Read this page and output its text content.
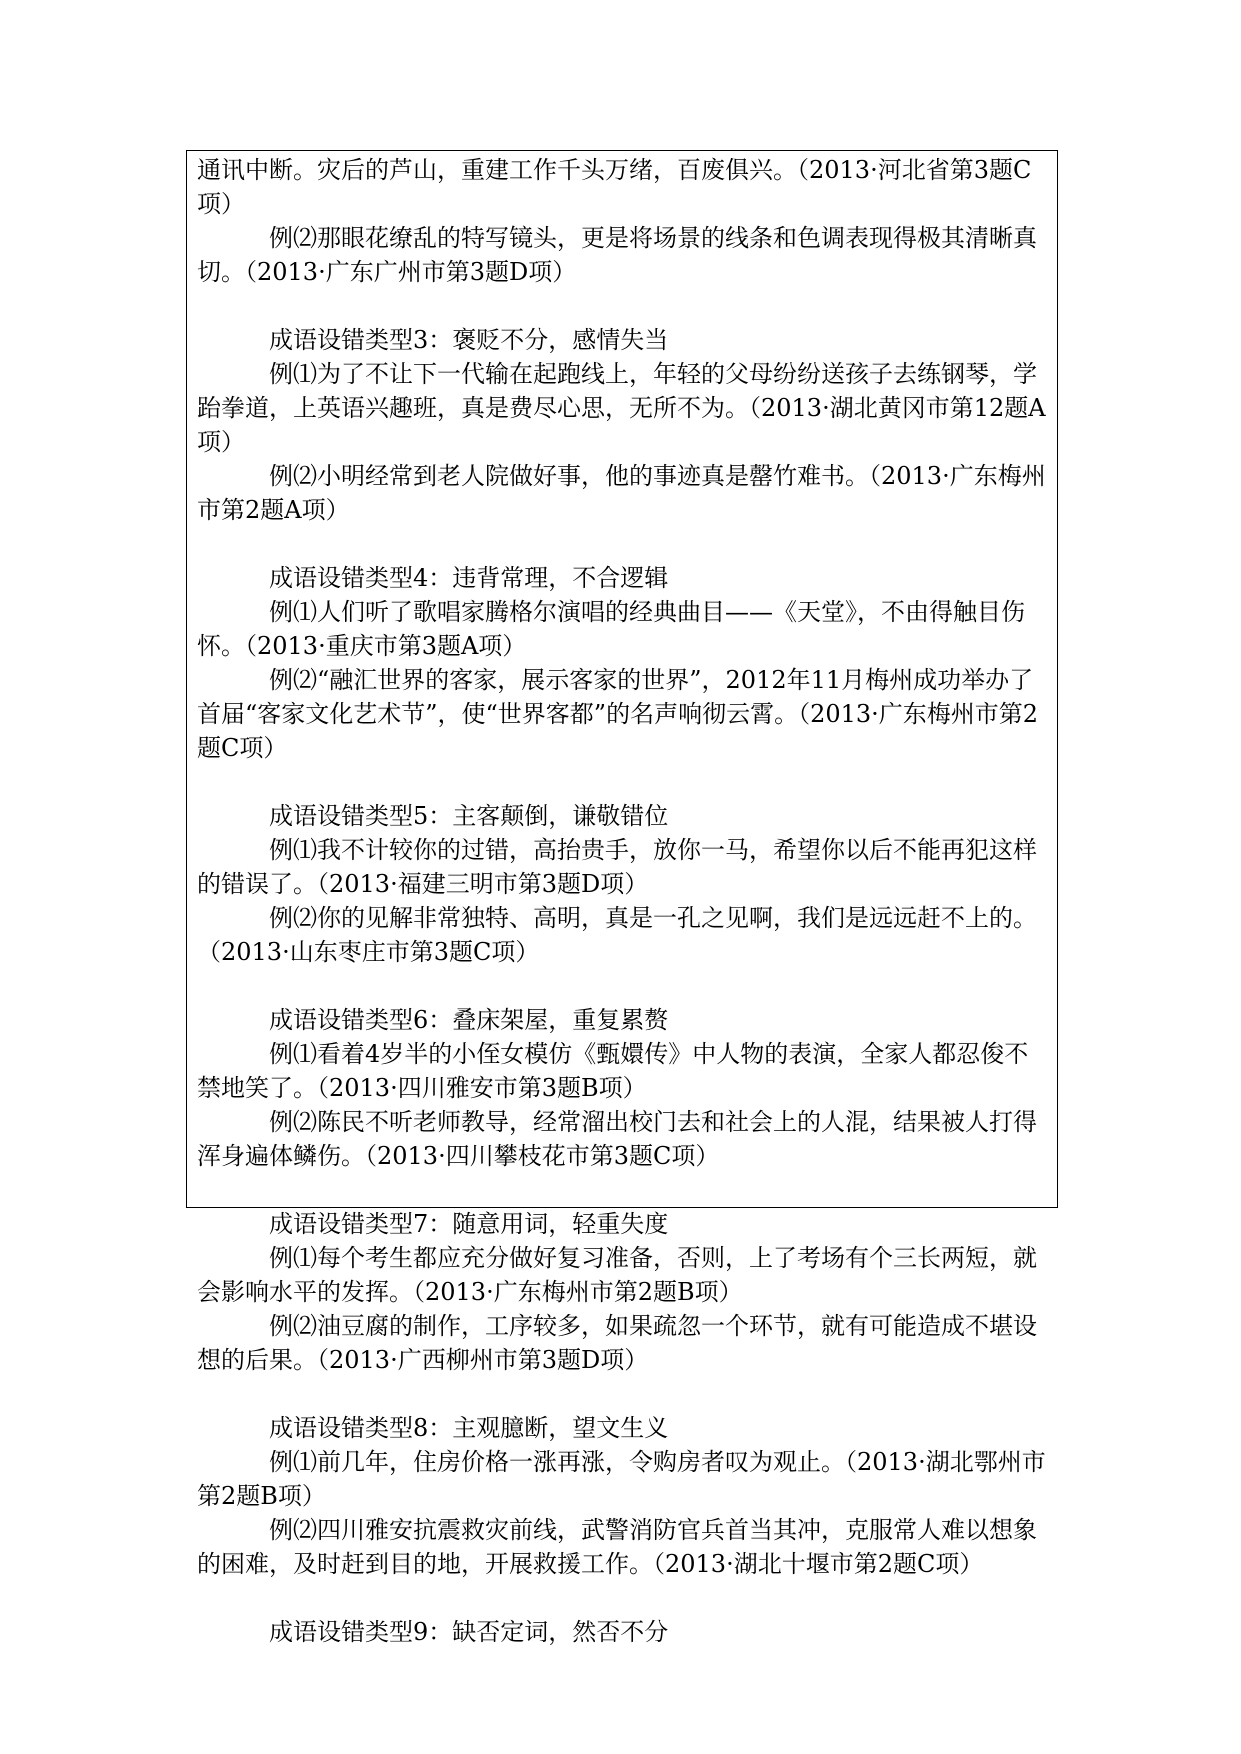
通讯中断。灾后的芦山，重建工作千头万绪，百废俱兴。（2013·河北省第3题C项）

例⑵那眼花缭乱的特写镜头，更是将场景的线条和色调表现得极其清晰真切。（2013·广东广州市第3题D项）

成语设错类型3：褒贬不分，感情失当

例⑴为了不让下一代输在起跑线上，年轻的父母纷纷送孩子去练钢琴，学跆拳道，上英语兴趣班，真是费尽心思，无所不为。（2013·湖北黄冈市第12题A项）

例⑵小明经常到老人院做好事，他的事迹真是罄竹难书。（2013·广东梅州市第2题A项）

成语设错类型4：违背常理，不合逻辑

例⑴人们听了歌唱家腾格尔演唱的经典曲目——《天堂》，不由得触目伤怀。（2013·重庆市第3题A项）

例⑵“融汇世界的客家，展示客家的世界”，2012年11月梅州成功举办了首届“客家文化艺术节”，使“世界客都”的名声响彻云霄。（2013·广东梅州市第2题C项）

成语设错类型5：主客颠倒，谦敬错位

例⑴我不计较你的过错，高抬贵手，放你一马，希望你以后不能再犯这样的错误了。（2013·福建三明市第3题D项）

例⑵你的见解非常独特、高明，真是一孔之见啊，我们是远远赶不上的。（2013·山东枣庄市第3题C项）

成语设错类型6：叠床架屋，重复累赘

例⑴看着4岁半的小侄女模仿《甄嬛传》中人物的表演，全家人都忍俊不禁地笑了。（2013·四川雅安市第3题B项）

例⑵陈民不听老师教导，经常溜出校门去和社会上的人混，结果被人打得浑身遍体鳞伤。（2013·四川攀枝花市第3题C项）

成语设错类型7：随意用词，轻重失度

例⑴每个考生都应充分做好复习准备，否则，上了考场有个三长两短，就会影响水平的发挥。（2013·广东梅州市第2题B项）

例⑵油豆腐的制作，工序较多，如果疏忽一个环节，就有可能造成不堪设想的后果。（2013·广西柳州市第3题D项）

成语设错类型8：主观臆断，望文生义

例⑴前几年，住房价格一涨再涨，令购房者叹为观止。（2013·湖北鄂州市第2题B项）

例⑵四川雅安抗震救灾前线，武警消防官兵首当其冲，克服常人难以想象的困难，及时赶到目的地，开展救援工作。（2013·湖北十堰市第2题C项）

成语设错类型9：缺否定词，然否不分
